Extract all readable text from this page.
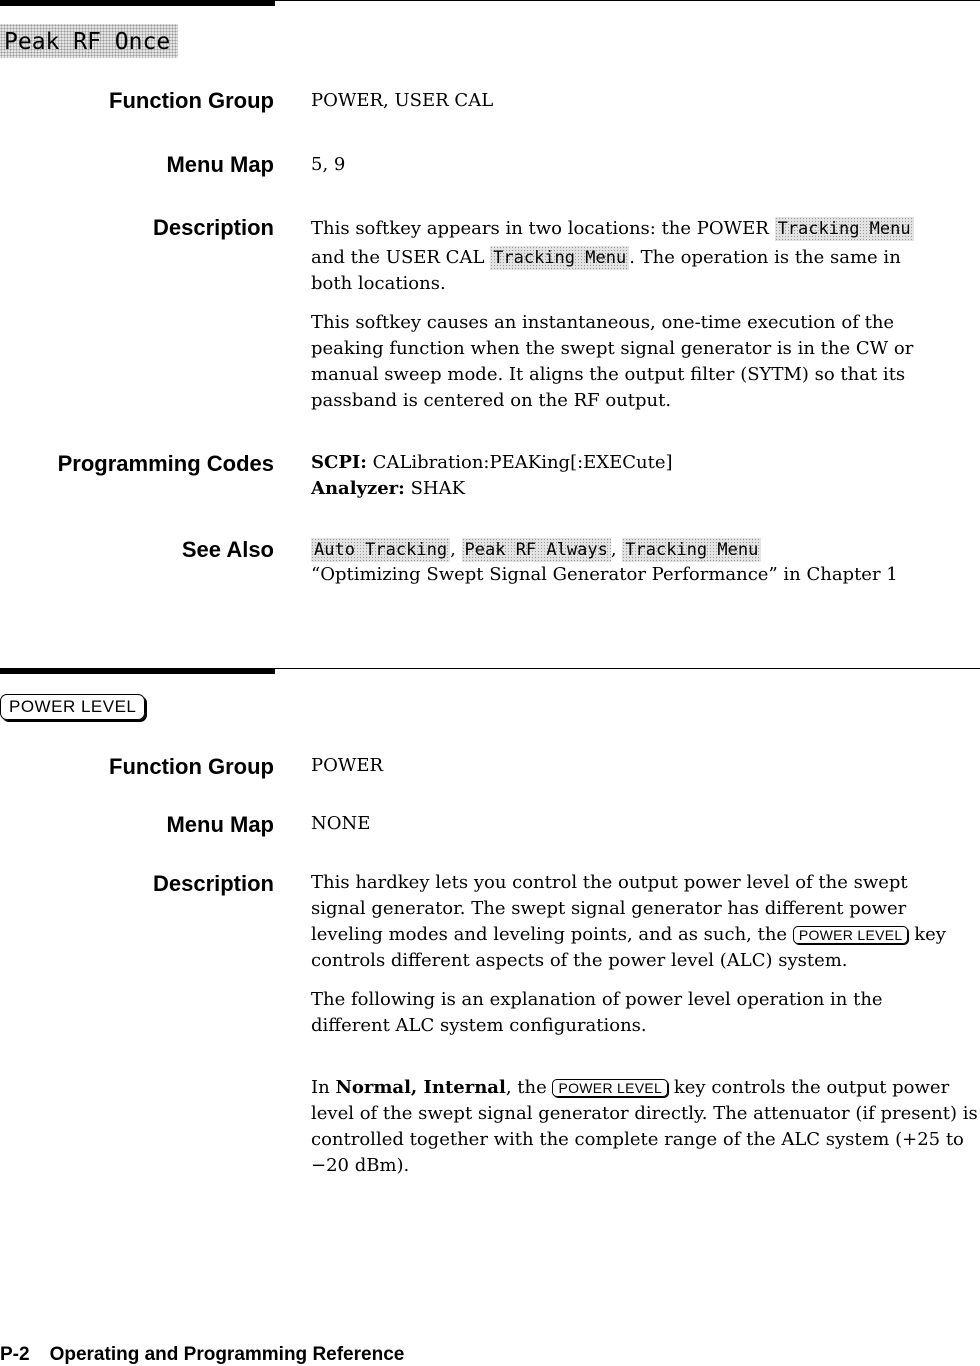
Peak RF Once
Function Group POWER, USER CAL
Menu Map 5, 9
Description This softkey appears in two locations: the POWER Tracking Menu
and the USER CAL Tracking Menu . The operation is the same in
both locations.
This softkey causes an instantaneous, one-time execution of the peaking function when the swept signal generator is in the CW or manual sweep mode. It aligns the output filter (SYTM) so that its passband is centered on the RF output.
Programming Codes SCPI: CALibration:PEAKing[:EXECute]
Analyzer: SHAK
See Also Auto Tracking , Peak RF Always , Tracking Menu
“Optimizing Swept Signal Generator Performance” in Chapter 1
POWER LEVEL
Function Group POWER
Menu Map NONE
Description This hardkey lets you control the output power level of the swept signal generator. The swept signal generator has different power leveling modes and leveling points, and as such, the POWER LEVEL key controls different aspects of the power level (ALC) system.
The following is an explanation of power level operation in the different ALC system configurations.
In Normal, Internal, the POWER LEVEL key controls the output power level of the swept signal generator directly. The attenuator (if present) is controlled together with the complete range of the ALC system (+25 to −20 dBm).
P-2 Operating and Programming Reference
